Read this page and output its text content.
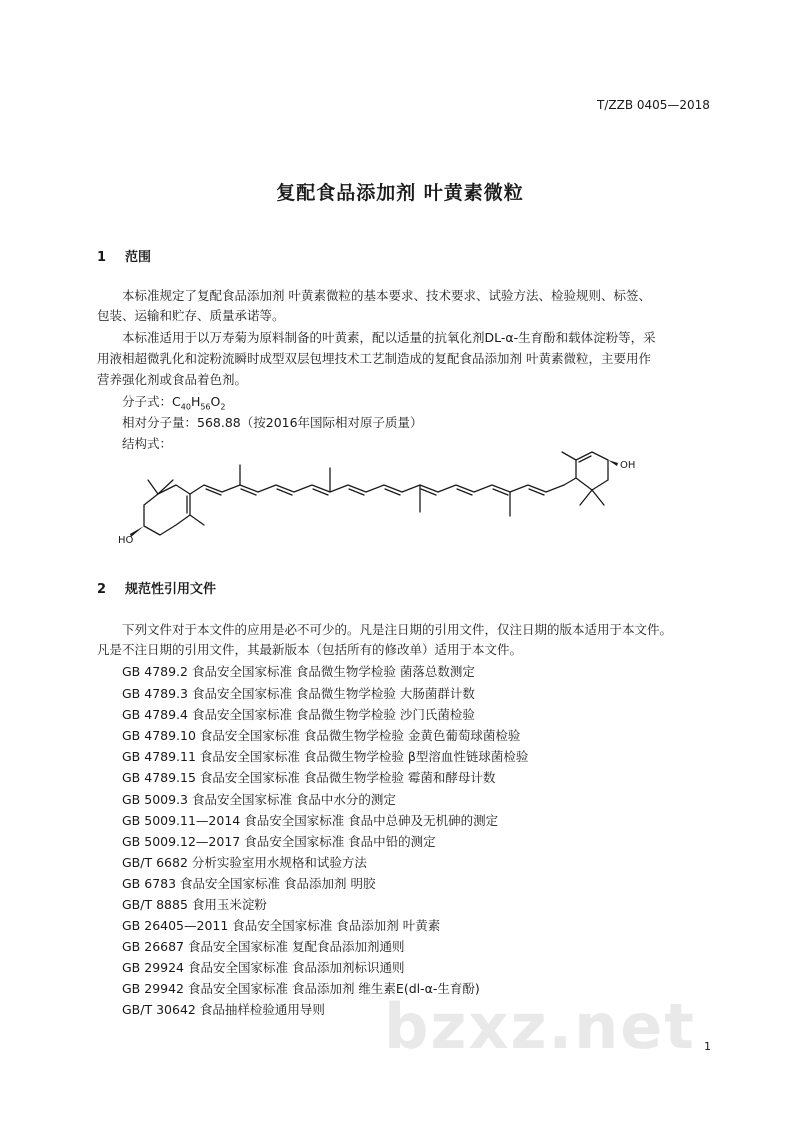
T/ZZB 0405—2018
复配食品添加剂 叶黄素微粒
1 范围
本标准规定了复配食品添加剂 叶黄素微粒的基本要求、技术要求、试验方法、检验规则、标签、
包装、运输和贮存、质量承诺等。
本标准适用于以万寿菊为原料制备的叶黄素，配以适量的抗氧化剂DL-α-生育酚和载体淀粉等，采
用液相超微乳化和淀粉流瞬时成型双层包埋技术工艺制造成的复配食品添加剂 叶黄素微粒，主要用作
营养强化剂或食品着色剂。
分子式：$C_{40}H_{56}O_2$
相对分子量：568.88（按2016年国际相对原子质量）
结构式：
HO
OH
2 规范性引用文件
下列文件对于本文件的应用是必不可少的。凡是注日期的引用文件，仅注日期的版本适用于本文件。
凡是不注日期的引用文件，其最新版本（包括所有的修改单）适用于本文件。
GB 4789.2 食品安全国家标准 食品微生物学检验 菌落总数测定
GB 4789.3 食品安全国家标准 食品微生物学检验 大肠菌群计数
GB 4789.4 食品安全国家标准 食品微生物学检验 沙门氏菌检验
GB 4789.10 食品安全国家标准 食品微生物学检验 金黄色葡萄球菌检验
GB 4789.11 食品安全国家标准 食品微生物学检验 β型溶血性链球菌检验
GB 4789.15 食品安全国家标准 食品微生物学检验 霉菌和酵母计数
GB 5009.3 食品安全国家标准 食品中水分的测定
GB 5009.11—2014 食品安全国家标准 食品中总砷及无机砷的测定
GB 5009.12—2017 食品安全国家标准 食品中铅的测定
GB/T 6682 分析实验室用水规格和试验方法
GB 6783 食品安全国家标准 食品添加剂 明胶
GB/T 8885 食用玉米淀粉
GB 26405—2011 食品安全国家标准 食品添加剂 叶黄素
GB 26687 食品安全国家标准 复配食品添加剂通则
GB 29924 食品安全国家标准 食品添加剂标识通则
GB 29942 食品安全国家标准 食品添加剂 维生素E(dl-α-生育酚)
GB/T 30642 食品抽样检验通用导则 bzxz.net 1
